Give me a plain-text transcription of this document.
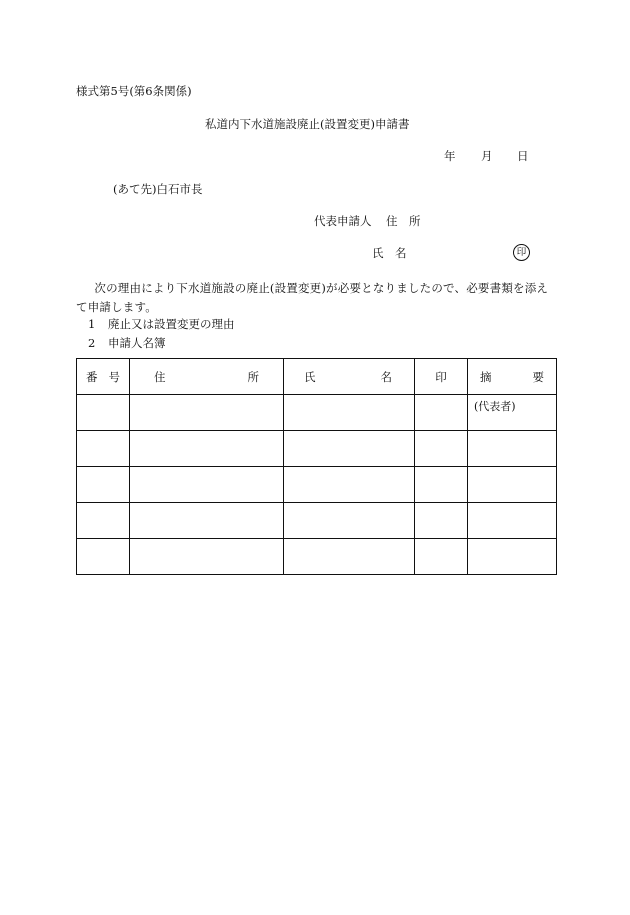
様式第5号(第6条関係)
私道内下水道施設廃止(設置変更)申請書
年 月 日
(あて先)白石市長
代表申請人 住　所
氏　名	印
次の理由により下水道施設の廃止(設置変更)が必要となりましたので、必要書類を添えて申請します。
1 廃止又は設置変更の理由
2 申請人名簿
番 号	住 所	氏 名	印	摘 要

				(代表者)
